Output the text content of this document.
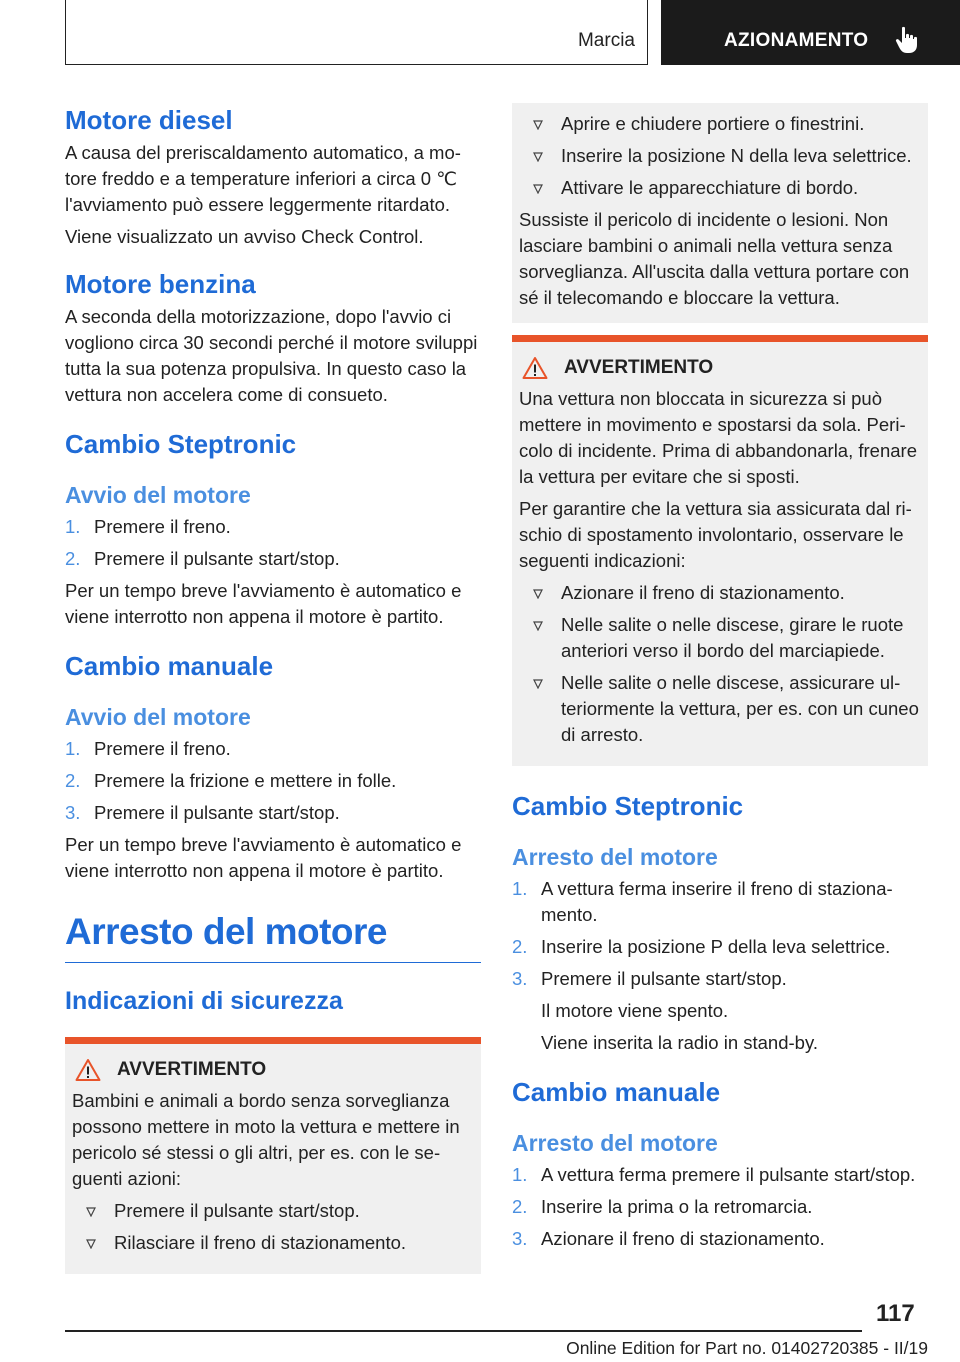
Marcia	AZIONAMENTO
Motore diesel

A causa del preriscaldamento automatico, a motore freddo e a temperature inferiori a circa 0 ℃ l'avviamento può essere leggermente ritardato.

Viene visualizzato un avviso Check Control.

Motore benzina

A seconda della motorizzazione, dopo l'avvio ci vogliono circa 30 secondi perché il motore sviluppi tutta la sua potenza propulsiva. In questo caso la vettura non accelera come di consueto.

Cambio Steptronic
Avvio del motore
1. Premere il freno.
2. Premere il pulsante start/stop.

Per un tempo breve l'avviamento è automatico e viene interrotto non appena il motore è partito.

Cambio manuale
Avvio del motore
1. Premere il freno.
2. Premere la frizione e mettere in folle.
3. Premere il pulsante start/stop.

Per un tempo breve l'avviamento è automatico e viene interrotto non appena il motore è partito.

Arresto del motore
Indicazioni di sicurezza
AVVERTIMENTO

Bambini e animali a bordo senza sorveglianza possono mettere in moto la vettura e mettere in pericolo sé stessi o gli altri, per es. con le seguenti azioni:

Premere il pulsante start/stop.
Rilasciare il freno di stazionamento.
Aprire e chiudere portiere o finestrini.
Inserire la posizione N della leva selettrice.
Attivare le apparecchiature di bordo.

Sussiste il pericolo di incidente o lesioni. Non lasciare bambini o animali nella vettura senza sorveglianza. All'uscita dalla vettura portare con sé il telecomando e bloccare la vettura.

AVVERTIMENTO

Una vettura non bloccata in sicurezza si può mettere in movimento e spostarsi da sola. Pericolo di incidente. Prima di abbandonarla, frenare la vettura per evitare che si sposti.

Per garantire che la vettura sia assicurata dal rischio di spostamento involontario, osservare le seguenti indicazioni:

Azionare il freno di stazionamento.
Nelle salite o nelle discese, girare le ruote anteriori verso il bordo del marciapiede.
Nelle salite o nelle discese, assicurare ulteriormente la vettura, per es. con un cuneo di arresto.
Cambio Steptronic
Arresto del motore
1. A vettura ferma inserire il freno di stazionamento.
2. Inserire la posizione P della leva selettrice.
3. Premere il pulsante start/stop.

Il motore viene spento.

Viene inserita la radio in stand-by.

Cambio manuale
Arresto del motore
1. A vettura ferma premere il pulsante start/stop.
2. Inserire la prima o la retromarcia.
3. Azionare il freno di stazionamento.
117
Online Edition for Part no. 01402720385 - II/19
